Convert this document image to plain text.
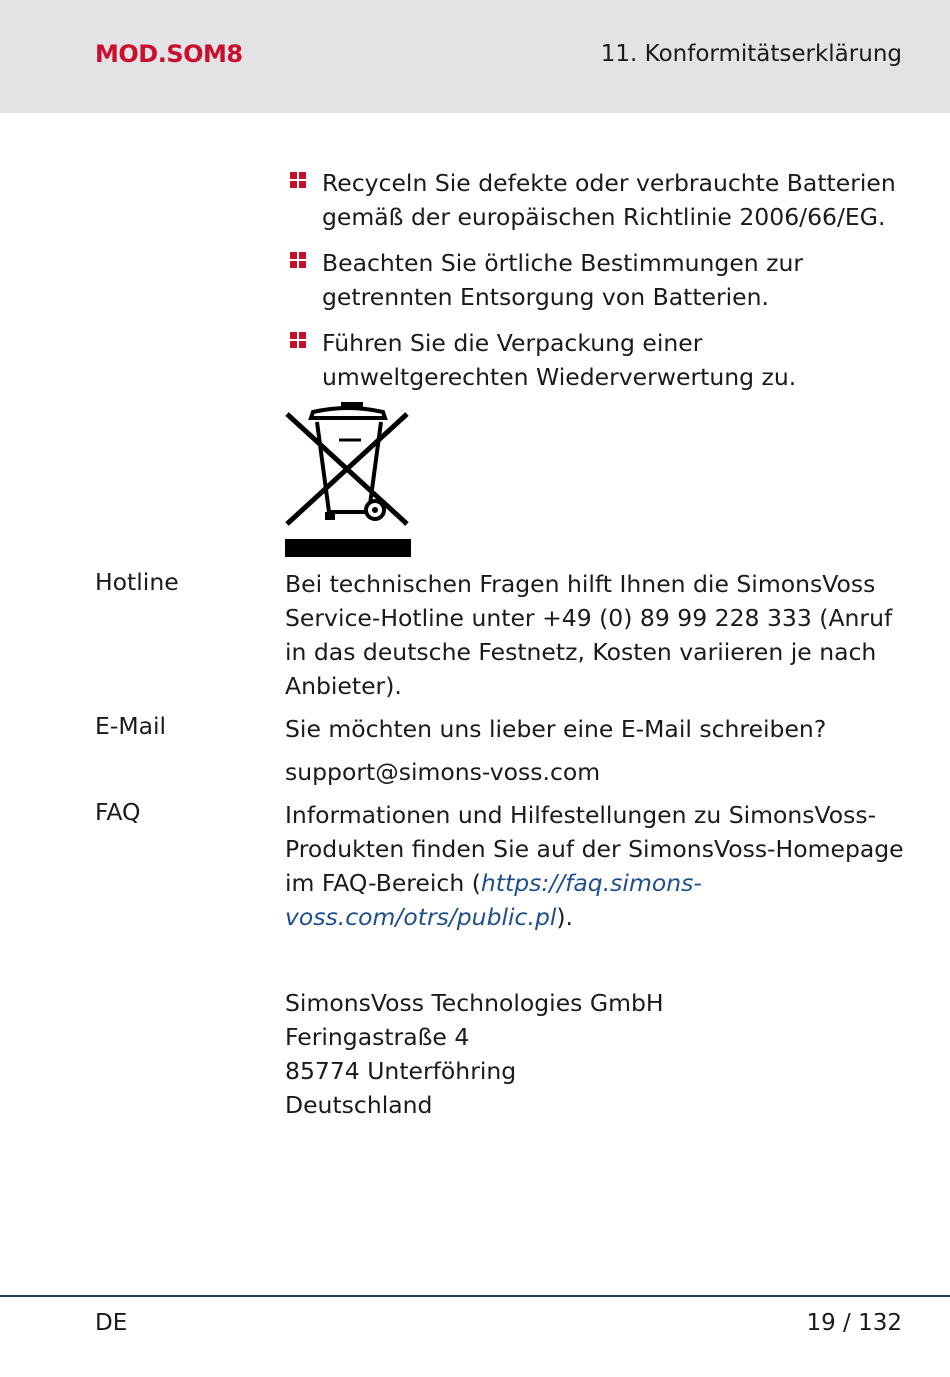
MOD.SOM8	11. Konformitätserklärung
Recyceln Sie defekte oder verbrauchte Batterien gemäß der europäischen Richtlinie 2006/66/EG.
Beachten Sie örtliche Bestimmungen zur getrennten Entsorgung von Batterien.
Führen Sie die Verpackung einer umweltgerechten Wiederverwertung zu.
Hotline	Bei technischen Fragen hilft Ihnen die SimonsVoss Service-Hotline unter +49 (0) 89 99 228 333 (Anruf in das deutsche Festnetz, Kosten variieren je nach Anbieter).
E-Mail	Sie möchten uns lieber eine E-Mail schreiben?
support@simons-voss.com
FAQ	Informationen und Hilfestellungen zu SimonsVoss-Produkten finden Sie auf der SimonsVoss-Homepage im FAQ-Bereich (https://faq.simons-voss.com/otrs/public.pl).
SimonsVoss Technologies GmbH
Feringastraße 4
85774 Unterföhring
Deutschland
DE	19 / 132
